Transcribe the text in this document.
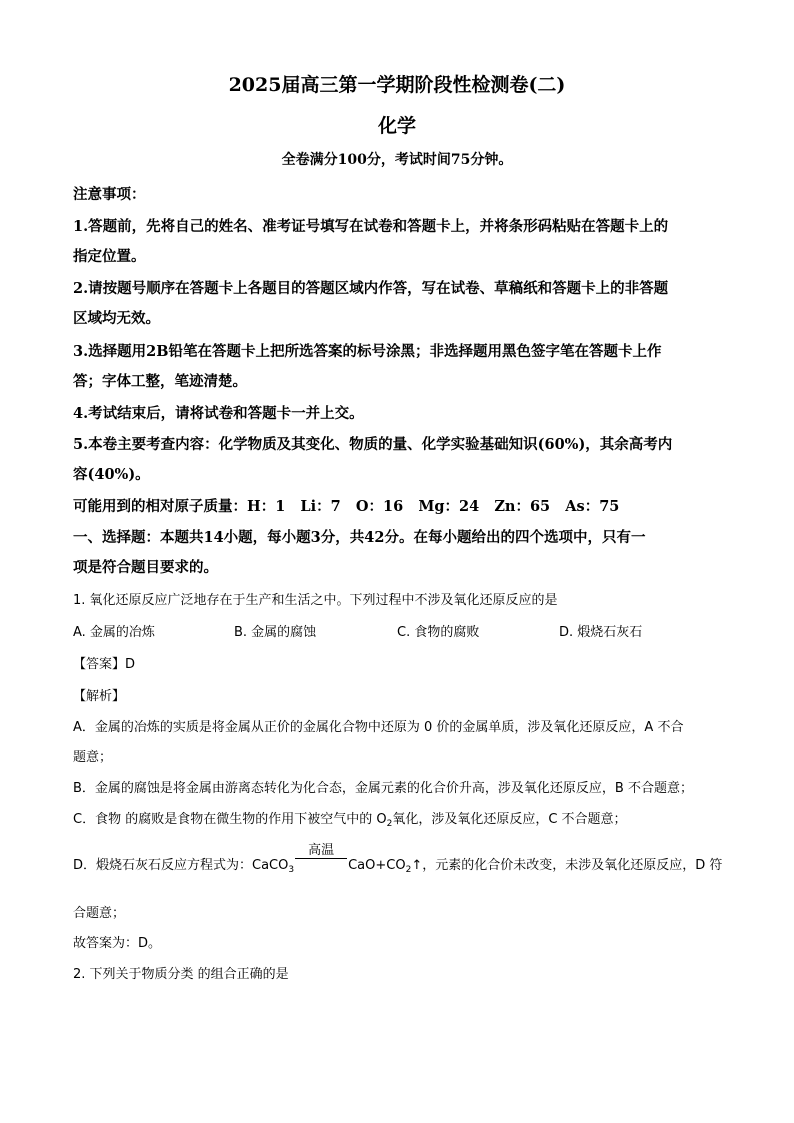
2025届高三第一学期阶段性检测卷(二)
化学
全卷满分100分，考试时间75分钟。
注意事项：
1.答题前，先将自己的姓名、准考证号填写在试卷和答题卡上，并将条形码粘贴在答题卡上的
指定位置。
2.请按题号顺序在答题卡上各题目的答题区域内作答，写在试卷、草稿纸和答题卡上的非答题
区域均无效。
3.选择题用2B铅笔在答题卡上把所选答案的标号涂黑；非选择题用黑色签字笔在答题卡上作
答；字体工整，笔迹清楚。
4.考试结束后，请将试卷和答题卡一并上交。
5.本卷主要考查内容：化学物质及其变化、物质的量、化学实验基础知识(60%)，其余高考内
容(40%)。
可能用到的相对原子质量：H：1   Li：7   O：16   Mg：24   Zn：65   As：75
一、选择题：本题共14小题，每小题3分，共42分。在每小题给出的四个选项中，只有一
项是符合题目要求的。
1. 氧化还原反应广泛地存在于生产和生活之中。下列过程中不涉及氧化还原反应的是
A. 金属的冶炼	B. 金属的腐蚀	C. 食物的腐败	D. 煅烧石灰石
【答案】D
【解析】
A．金属的冶炼的实质是将金属从正价的金属化合物中还原为 0 价的金属单质，涉及氧化还原反应，A 不合
题意；
B．金属的腐蚀是将金属由游离态转化为化合态，金属元素的化合价升高，涉及氧化还原反应，B 不合题意；
C．食物 的腐败是食物在微生物的作用下被空气中的 $O_2$氧化，涉及氧化还原反应，C 不合题意；
D．煅烧石灰石反应方程式为：CaCO$_3$
高温
$CaO+CO_2↑$，元素的化合价未改变，未涉及氧化还原反应，D 符
合题意；
故答案为：D。
2. 下列关于物质分类 的组合正确的是
